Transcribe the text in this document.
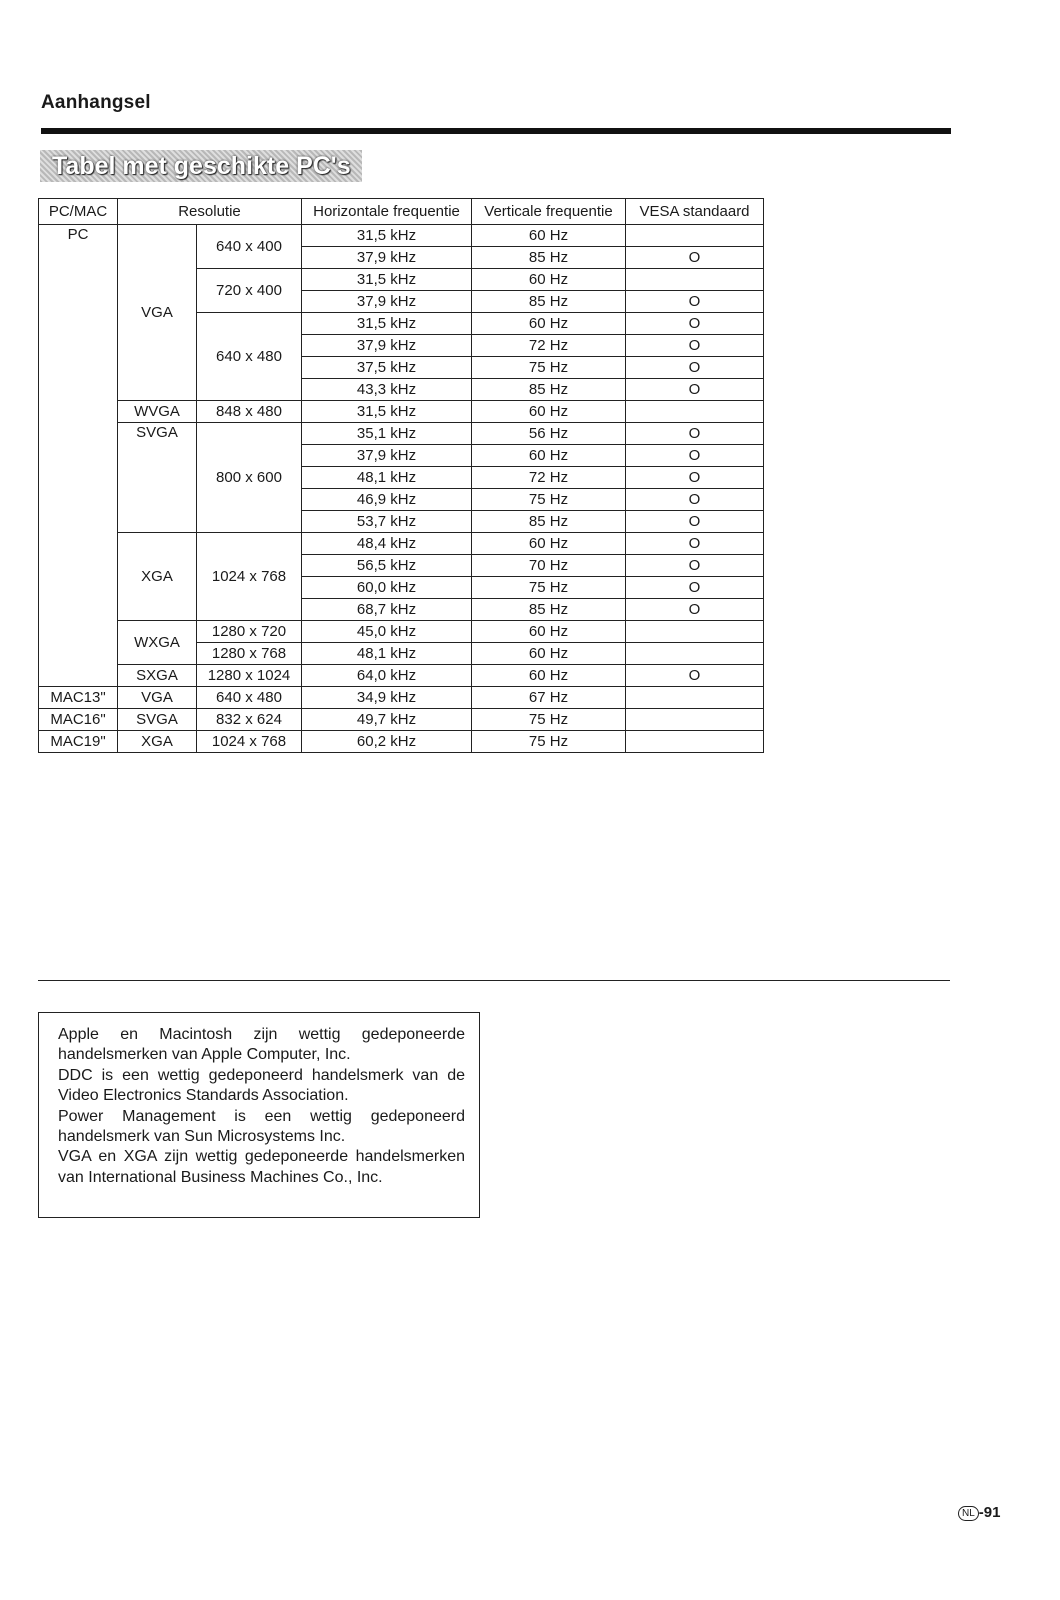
Aanhangsel
Tabel met geschikte PC's
PC/MAC	Resolutie		Horizontale frequentie	Verticale frequentie	VESA standaard
PC	VGA	640 x 400	31,5 kHz	60 Hz	
			37,9 kHz	85 Hz	O
		720 x 400	31,5 kHz	60 Hz	
			37,9 kHz	85 Hz	O
		640 x 480	31,5 kHz	60 Hz	O
			37,9 kHz	72 Hz	O
			37,5 kHz	75 Hz	O
			43,3 kHz	85 Hz	O
	WVGA	848 x 480	31,5 kHz	60 Hz	
	SVGA	800 x 600	35,1 kHz	56 Hz	O
			37,9 kHz	60 Hz	O
			48,1 kHz	72 Hz	O
			46,9 kHz	75 Hz	O
			53,7 kHz	85 Hz	O
	XGA	1024 x 768	48,4 kHz	60 Hz	O
			56,5 kHz	70 Hz	O
			60,0 kHz	75 Hz	O
			68,7 kHz	85 Hz	O
	WXGA	1280 x 720	45,0 kHz	60 Hz	
		1280 x 768	48,1 kHz	60 Hz	
	SXGA	1280 x 1024	64,0 kHz	60 Hz	O
MAC13"	VGA	640 x 480	34,9 kHz	67 Hz	
MAC16"	SVGA	832 x 624	49,7 kHz	75 Hz	
MAC19"	XGA	1024 x 768	60,2 kHz	75 Hz	

Apple en Macintosh zijn wettig gedeponeerde handelsmerken van Apple Computer, Inc.

DDC is een wettig gedeponeerd handelsmerk van de Video Electronics Standards Association.

Power Management is een wettig gedeponeerd handelsmerk van Sun Microsystems Inc.

VGA en XGA zijn wettig gedeponeerde handelsmerken van International Business Machines Co., Inc.

NL -91
